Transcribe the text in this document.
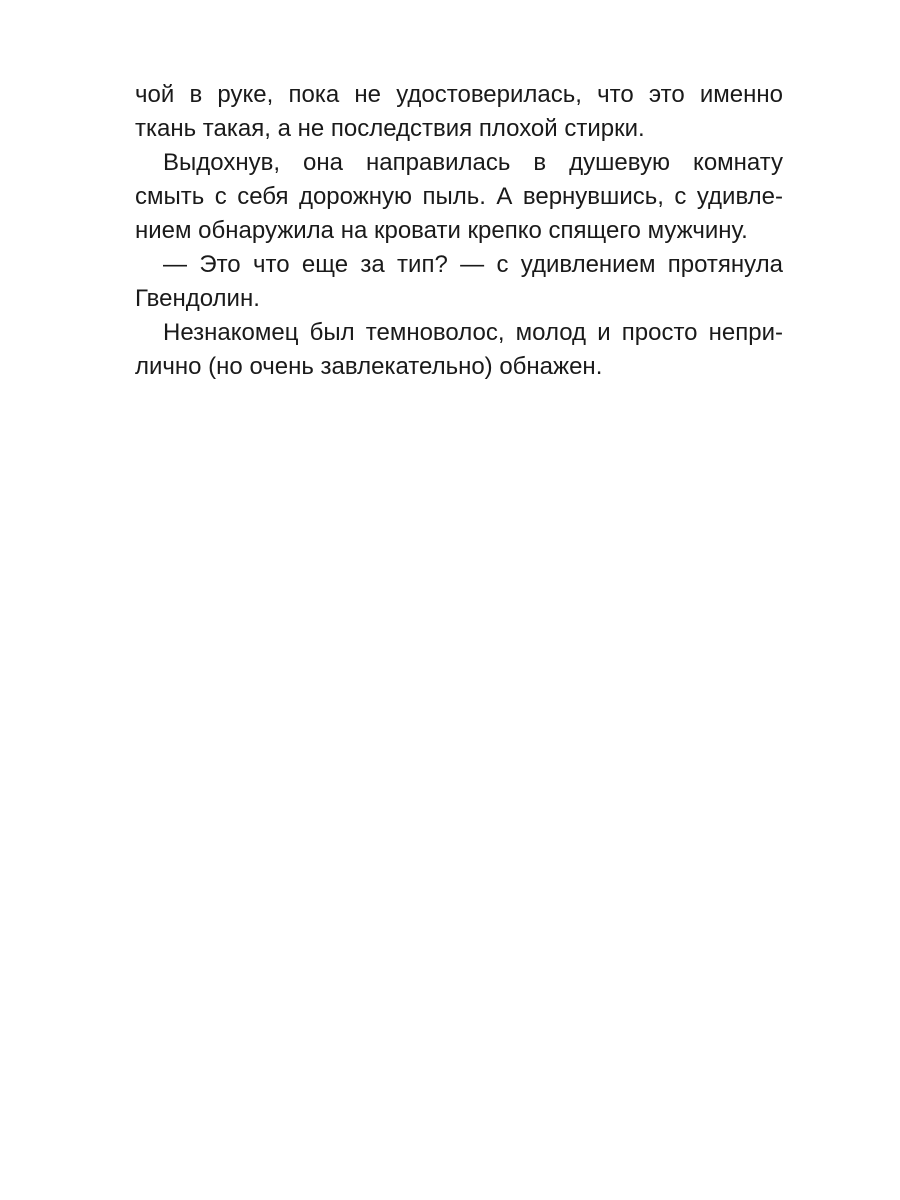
чой в руке, пока не удостоверилась, что это именно
ткань такая, а не последствия плохой стирки.
Выдохнув, она направилась в душевую комнату
смыть с себя дорожную пыль. А вернувшись, с удивле-
нием обнаружила на кровати крепко спящего мужчину.
— Это что еще за тип? — с удивлением протянула
Гвендолин.
Незнакомец был темноволос, молод и просто непри-
лично (но очень завлекательно) обнажен.
